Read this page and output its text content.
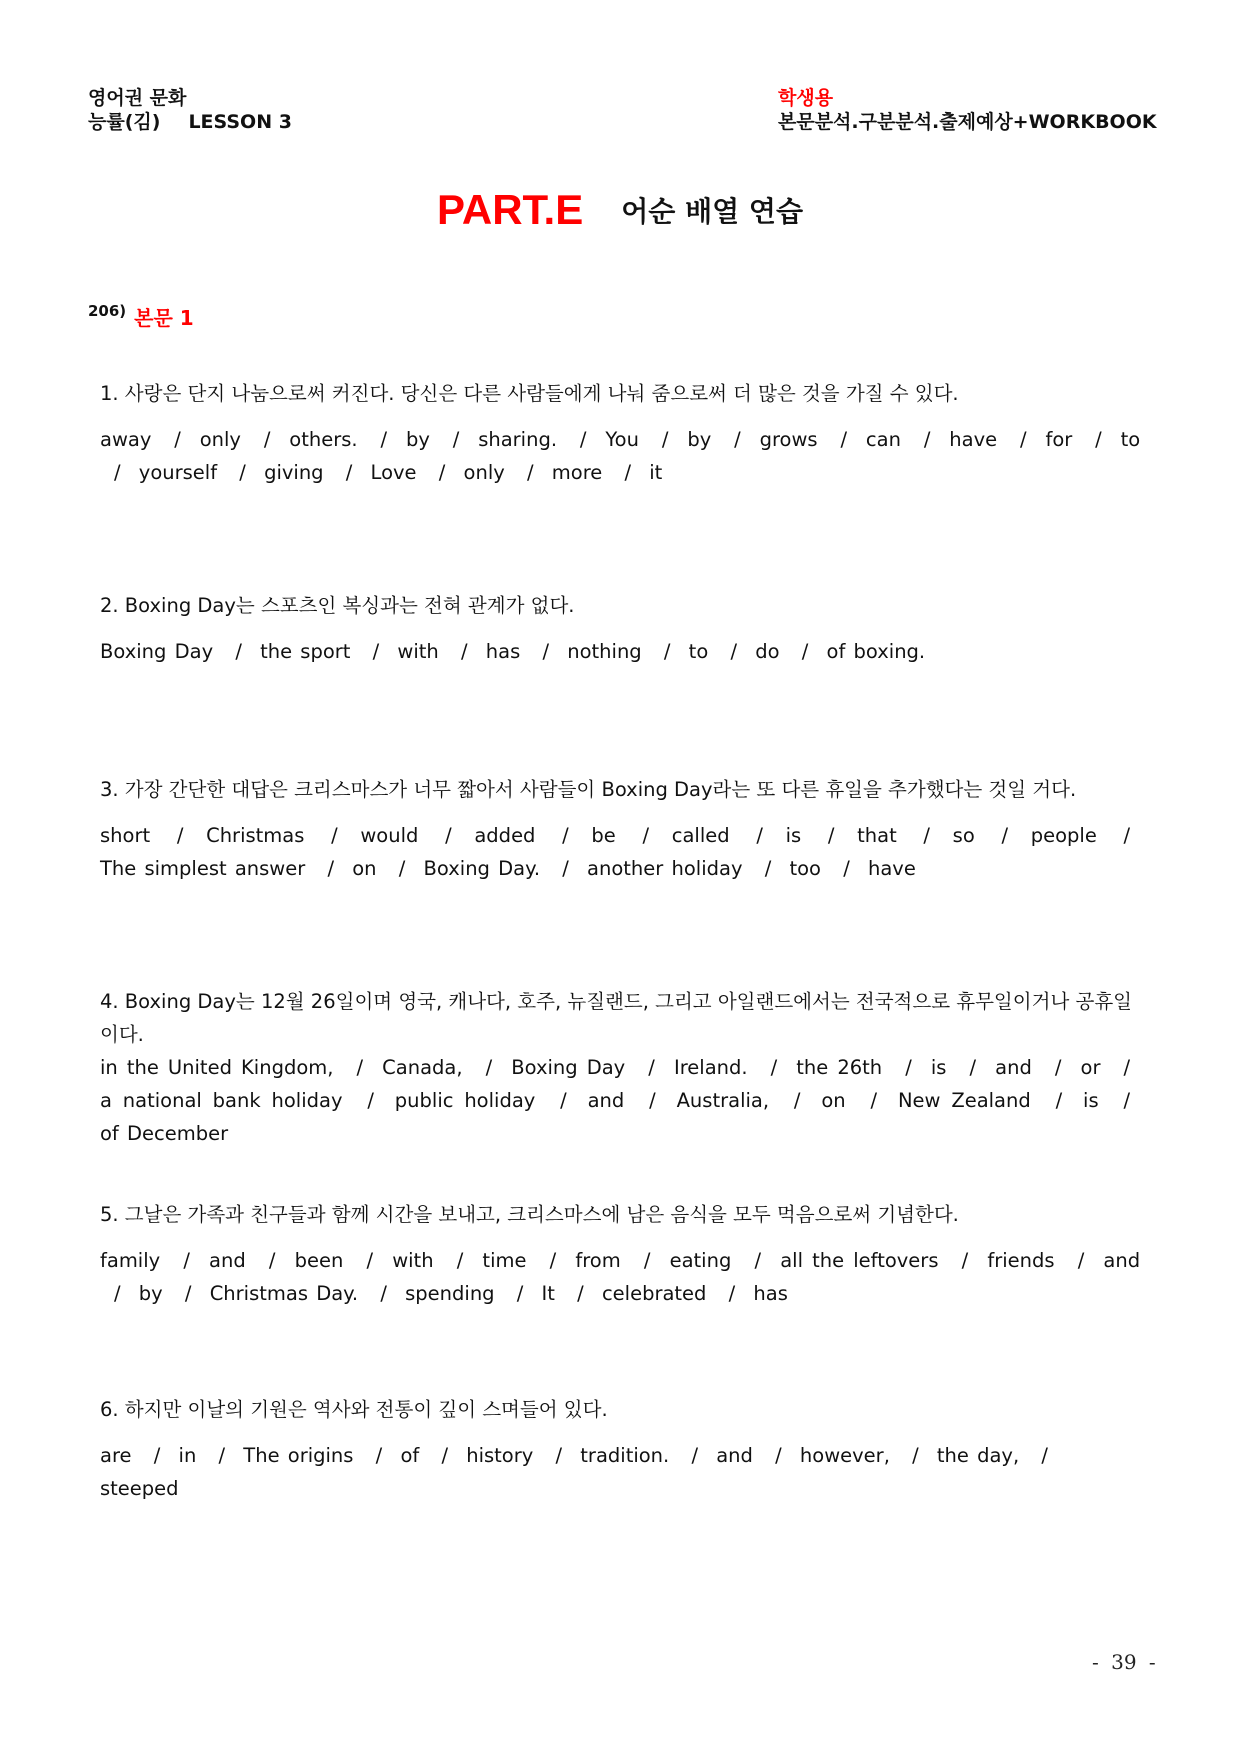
영어권 문화
능률(김) LESSON 3
학생용
본문분석.구분분석.출제예상+WORKBOOK
PART.E 어순 배열 연습
206) 본문 1
1. 사랑은 단지 나눔으로써 커진다. 당신은 다른 사람들에게 나눠 줌으로써 더 많은 것을 가질 수 있다.
away / only / others. / by / sharing. / You / by / grows / can / have / for / to / yourself / giving / Love / only / more / it
2. Boxing Day는 스포츠인 복싱과는 전혀 관계가 없다.
Boxing Day / the sport / with / has / nothing / to / do / of boxing.
3. 가장 간단한 대답은 크리스마스가 너무 짧아서 사람들이 Boxing Day라는 또 다른 휴일을 추가했다는 것일 거다.
short / Christmas / would / added / be / called / is / that / so / people / The simplest answer / on / Boxing Day. / another holiday / too / have
4. Boxing Day는 12월 26일이며 영국, 캐나다, 호주, 뉴질랜드, 그리고 아일랜드에서는 전국적으로 휴무일이거나 공휴일이다.
in the United Kingdom, / Canada, / Boxing Day / Ireland. / the 26th / is / and / or / a national bank holiday / public holiday / and / Australia, / on / New Zealand / is / of December
5. 그날은 가족과 친구들과 함께 시간을 보내고, 크리스마스에 남은 음식을 모두 먹음으로써 기념한다.
family / and / been / with / time / from / eating / all the leftovers / friends / and / by / Christmas Day. / spending / It / celebrated / has
6. 하지만 이날의 기원은 역사와 전통이 깊이 스며들어 있다.
are / in / The origins / of / history / tradition. / and / however, / the day, / steeped
- 39 -
